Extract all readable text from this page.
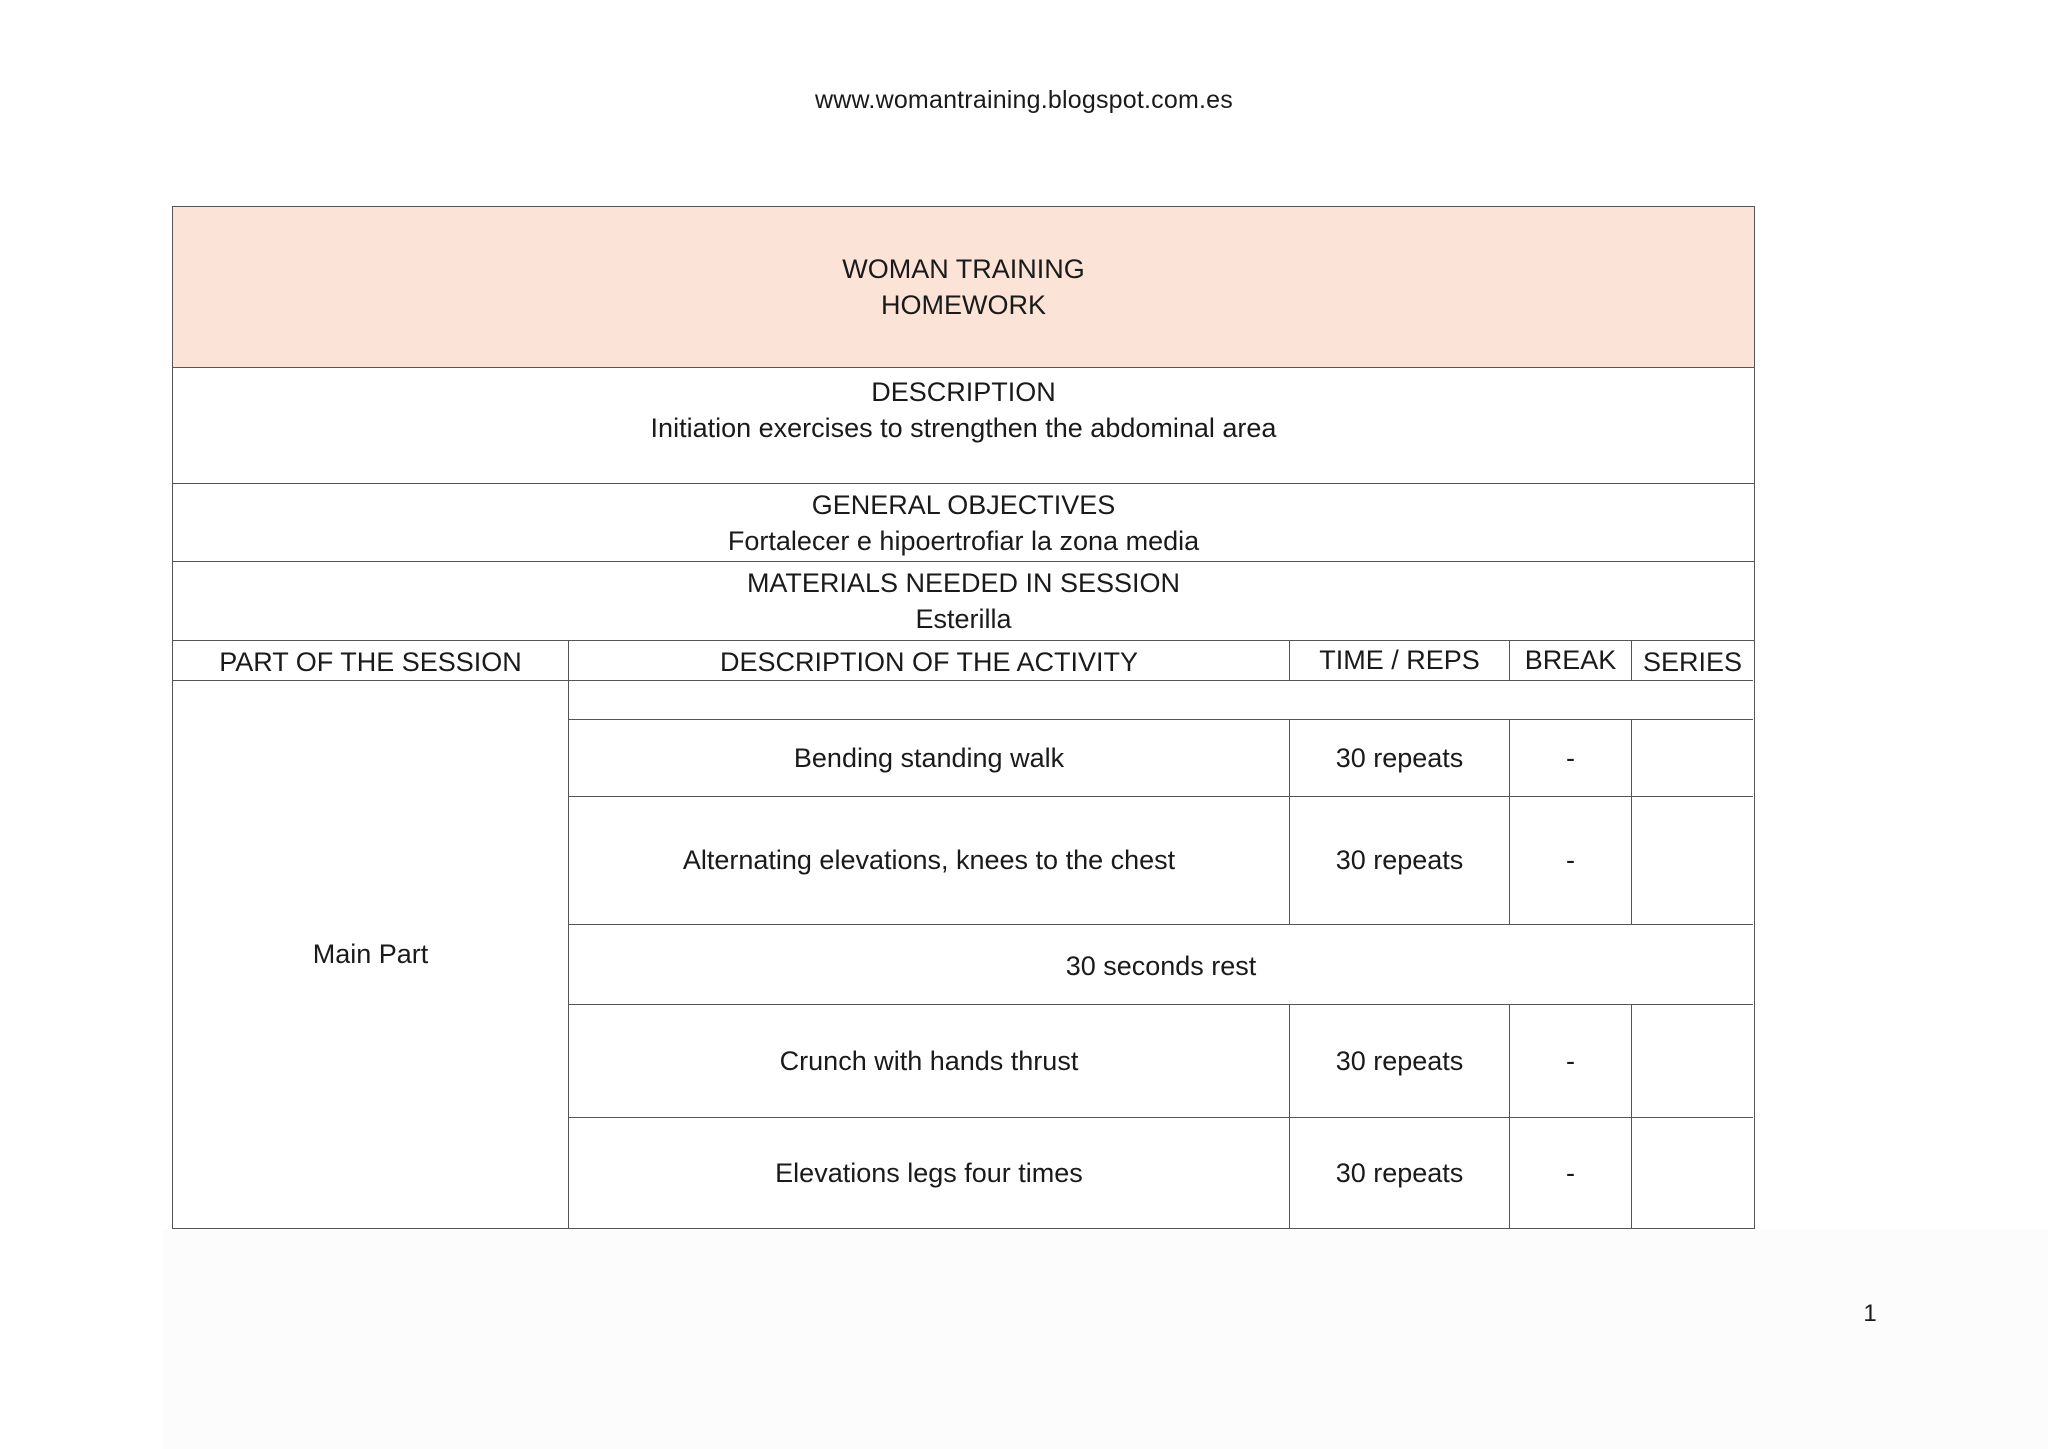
www.womantraining.blogspot.com.es
WOMAN TRAINING
HOMEWORK
DESCRIPTION
Initiation exercises to strengthen the abdominal area
GENERAL OBJECTIVES
Fortalecer e hipoertrofiar la zona media
MATERIALS NEEDED IN SESSION
Esterilla
PART OF THE SESSION	DESCRIPTION OF THE ACTIVITY	TIME / REPS	BREAK SERIES
Main Part
Bending standing walk	30 repeats	-
Alternating elevations, knees to the chest	30 repeats	-
30 seconds rest
Crunch with hands thrust	30 repeats	-
Elevations legs four times	30 repeats	-
1
